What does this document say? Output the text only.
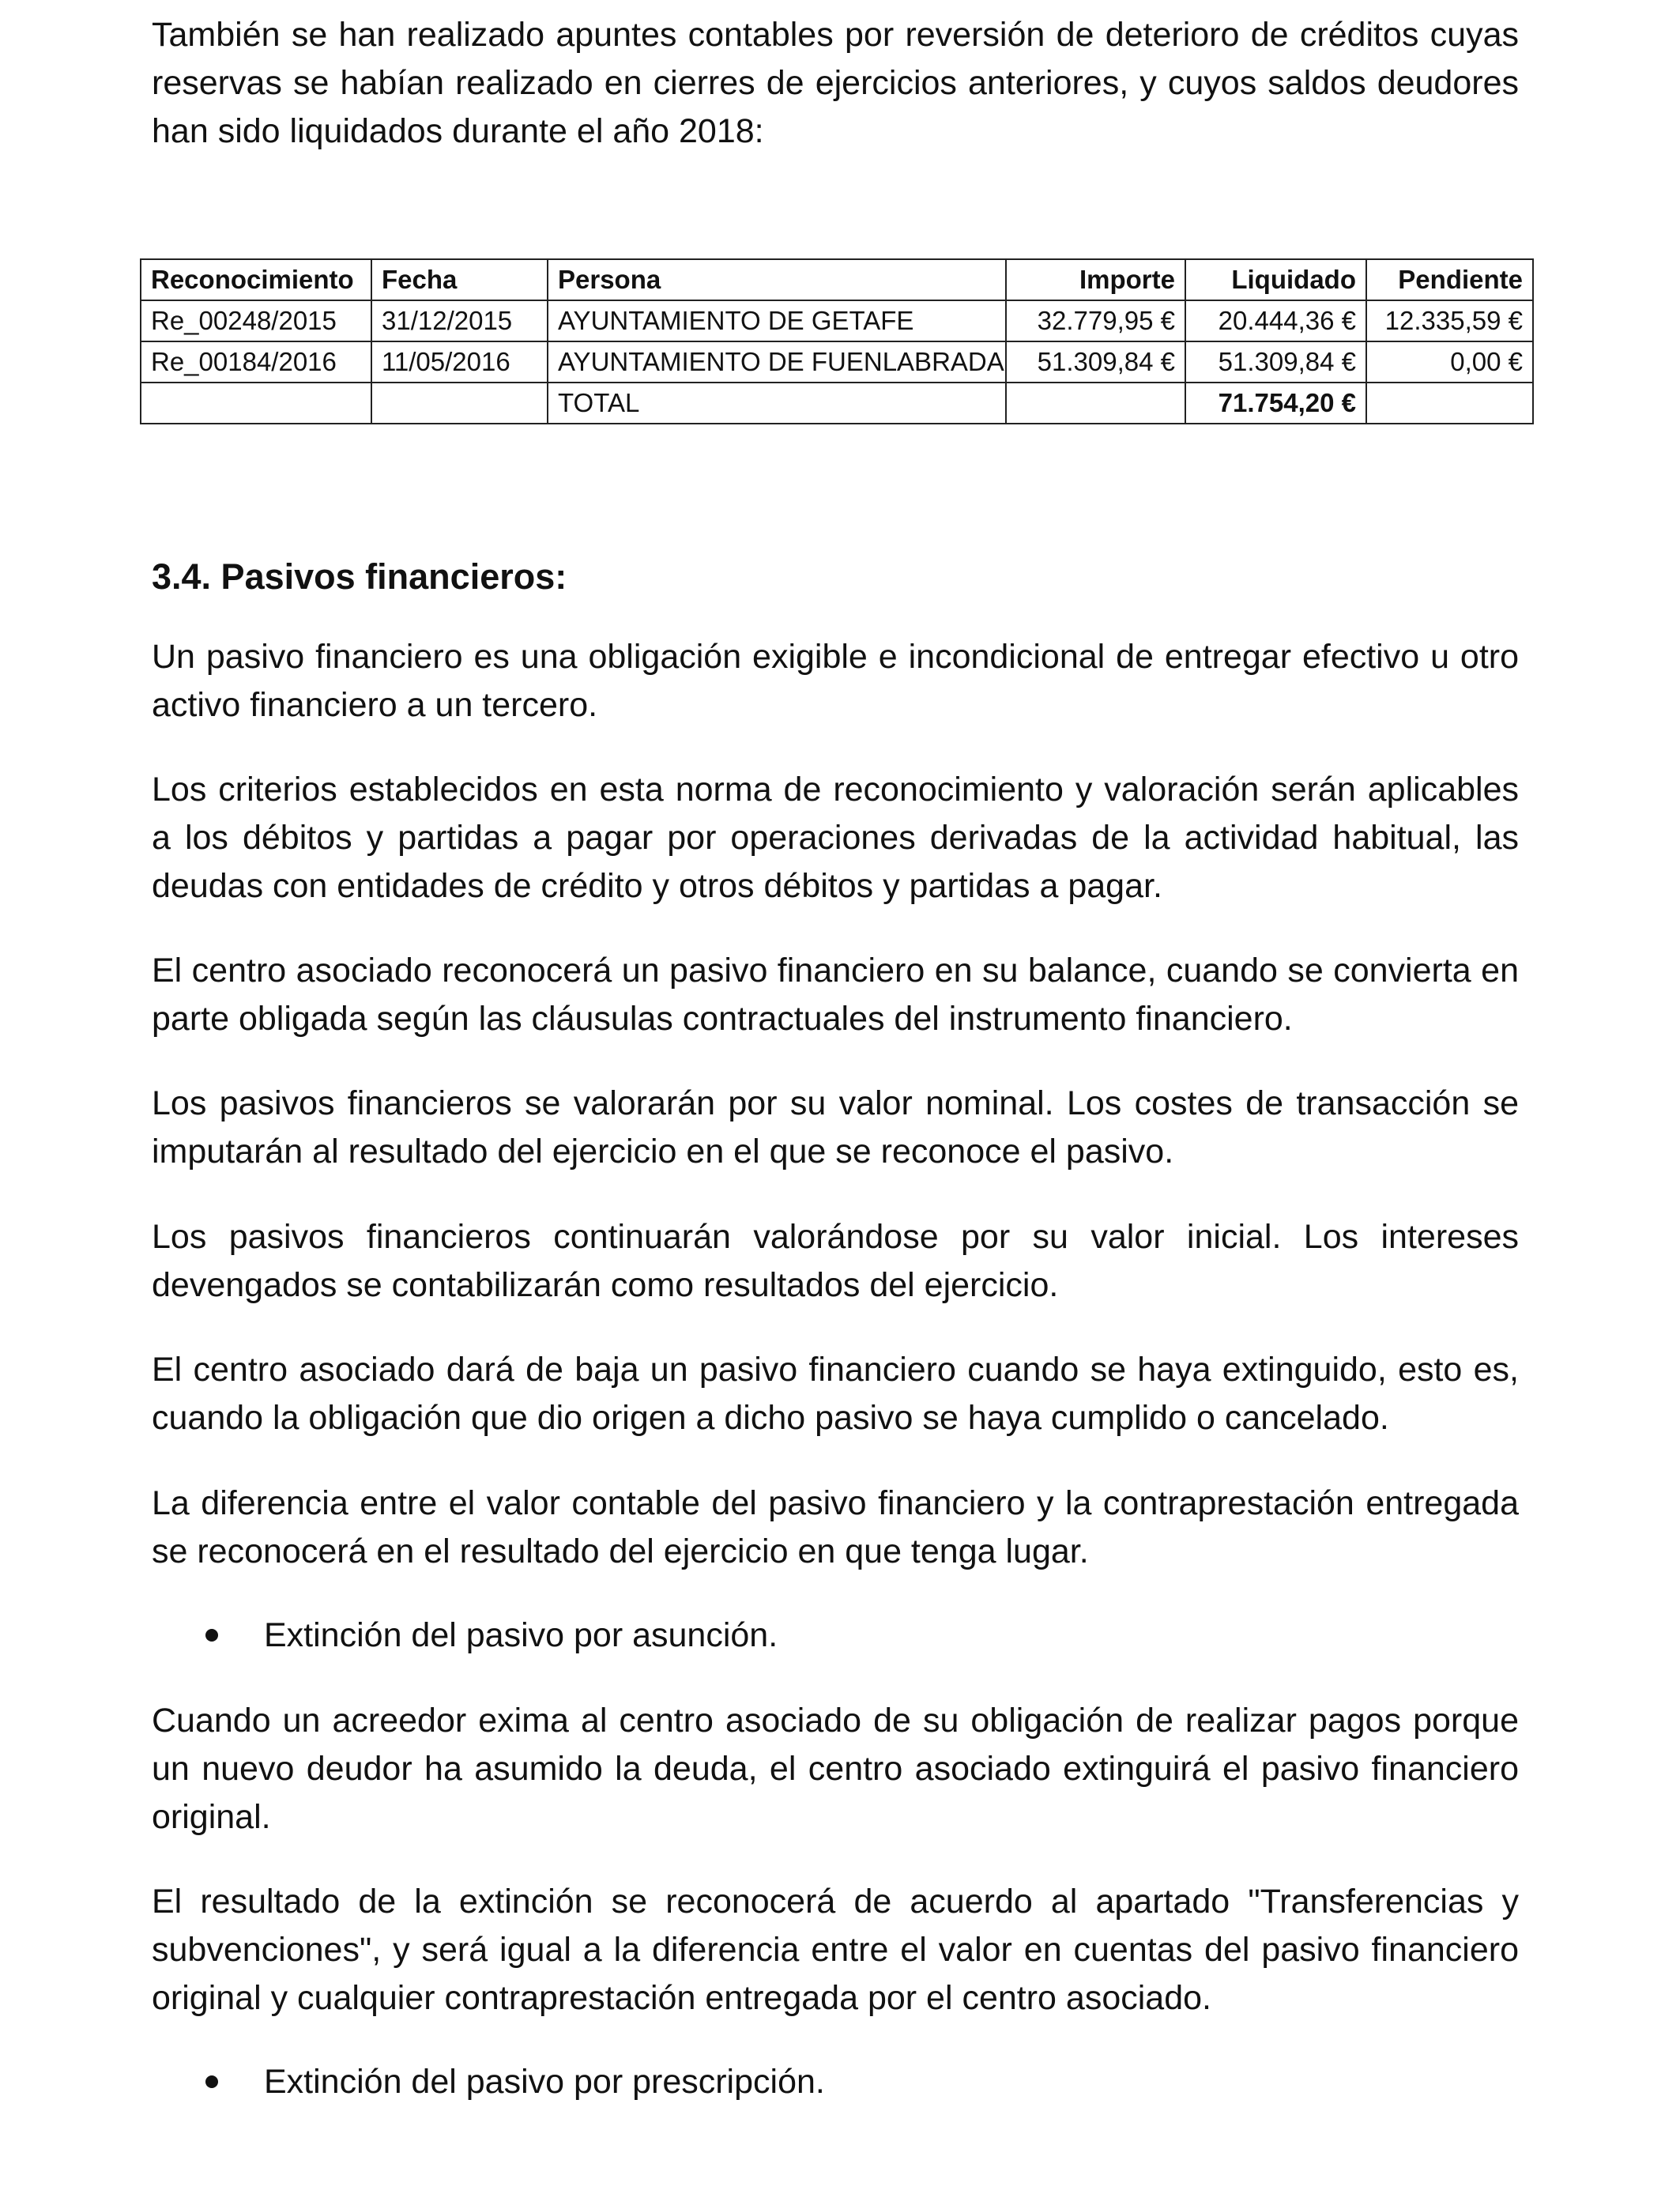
También se han realizado apuntes contables por reversión de deterioro de créditos cuyas reservas se habían realizado en cierres de ejercicios anteriores, y cuyos saldos deudores han sido liquidados durante el año 2018:

Reconocimiento	Fecha	Persona	Importe	Liquidado	Pendiente
Re_00248/2015	31/12/2015	AYUNTAMIENTO DE GETAFE	32.779,95 €	20.444,36 €	12.335,59 €
Re_00184/2016	11/05/2016	AYUNTAMIENTO DE FUENLABRADA	51.309,84 €	51.309,84 €	0,00 €
		TOTAL		71.754,20 €	
3.4. Pasivos financieros:

Un pasivo financiero es una obligación exigible e incondicional de entregar efectivo u otro activo financiero a un tercero.

Los criterios establecidos en esta norma de reconocimiento y valoración serán aplicables a los débitos y partidas a pagar por operaciones derivadas de la actividad habitual, las deudas con entidades de crédito y otros débitos y partidas a pagar.

El centro asociado reconocerá un pasivo financiero en su balance, cuando se convierta en parte obligada según las cláusulas contractuales del instrumento financiero.

Los pasivos financieros se valorarán por su valor nominal. Los costes de transacción se imputarán al resultado del ejercicio en el que se reconoce el pasivo.

Los pasivos financieros continuarán valorándose por su valor inicial. Los intereses devengados se contabilizarán como resultados del ejercicio.

El centro asociado dará de baja un pasivo financiero cuando se haya extinguido, esto es, cuando la obligación que dio origen a dicho pasivo se haya cumplido o cancelado.

La diferencia entre el valor contable del pasivo financiero y la contraprestación entregada se reconocerá en el resultado del ejercicio en que tenga lugar.

Extinción del pasivo por asunción.

Cuando un acreedor exima al centro asociado de su obligación de realizar pagos porque un nuevo deudor ha asumido la deuda, el centro asociado extinguirá el pasivo financiero original.

El resultado de la extinción se reconocerá de acuerdo al apartado "Transferencias y subvenciones", y será igual a la diferencia entre el valor en cuentas del pasivo financiero original y cualquier contraprestación entregada por el centro asociado.

Extinción del pasivo por prescripción.
